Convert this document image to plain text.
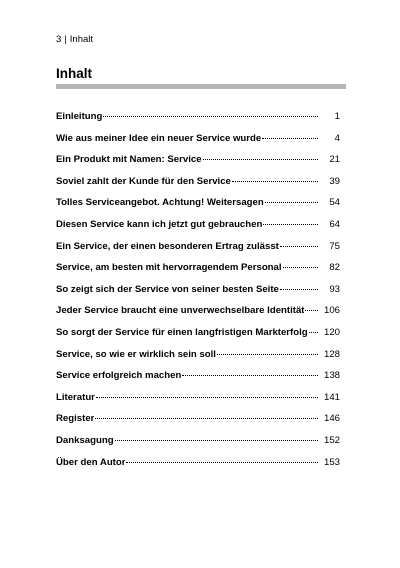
3 | Inhalt
Inhalt
Einleitung	1
Wie aus meiner Idee ein neuer Service wurde	4
Ein Produkt mit Namen: Service	21
Soviel zahlt der Kunde für den Service	39
Tolles Serviceangebot. Achtung! Weitersagen	54
Diesen Service kann ich jetzt gut gebrauchen	64
Ein Service, der einen besonderen Ertrag zulässt	75
Service, am besten mit hervorragendem Personal	82
So zeigt sich der Service von seiner besten Seite	93
Jeder Service braucht eine unverwechselbare Identität 106
So sorgt der Service für einen langfristigen Markterfolg 120
Service, so wie er wirklich sein soll	128
Service erfolgreich machen	138
Literatur	141
Register	146
Danksagung	152
Über den Autor	153
